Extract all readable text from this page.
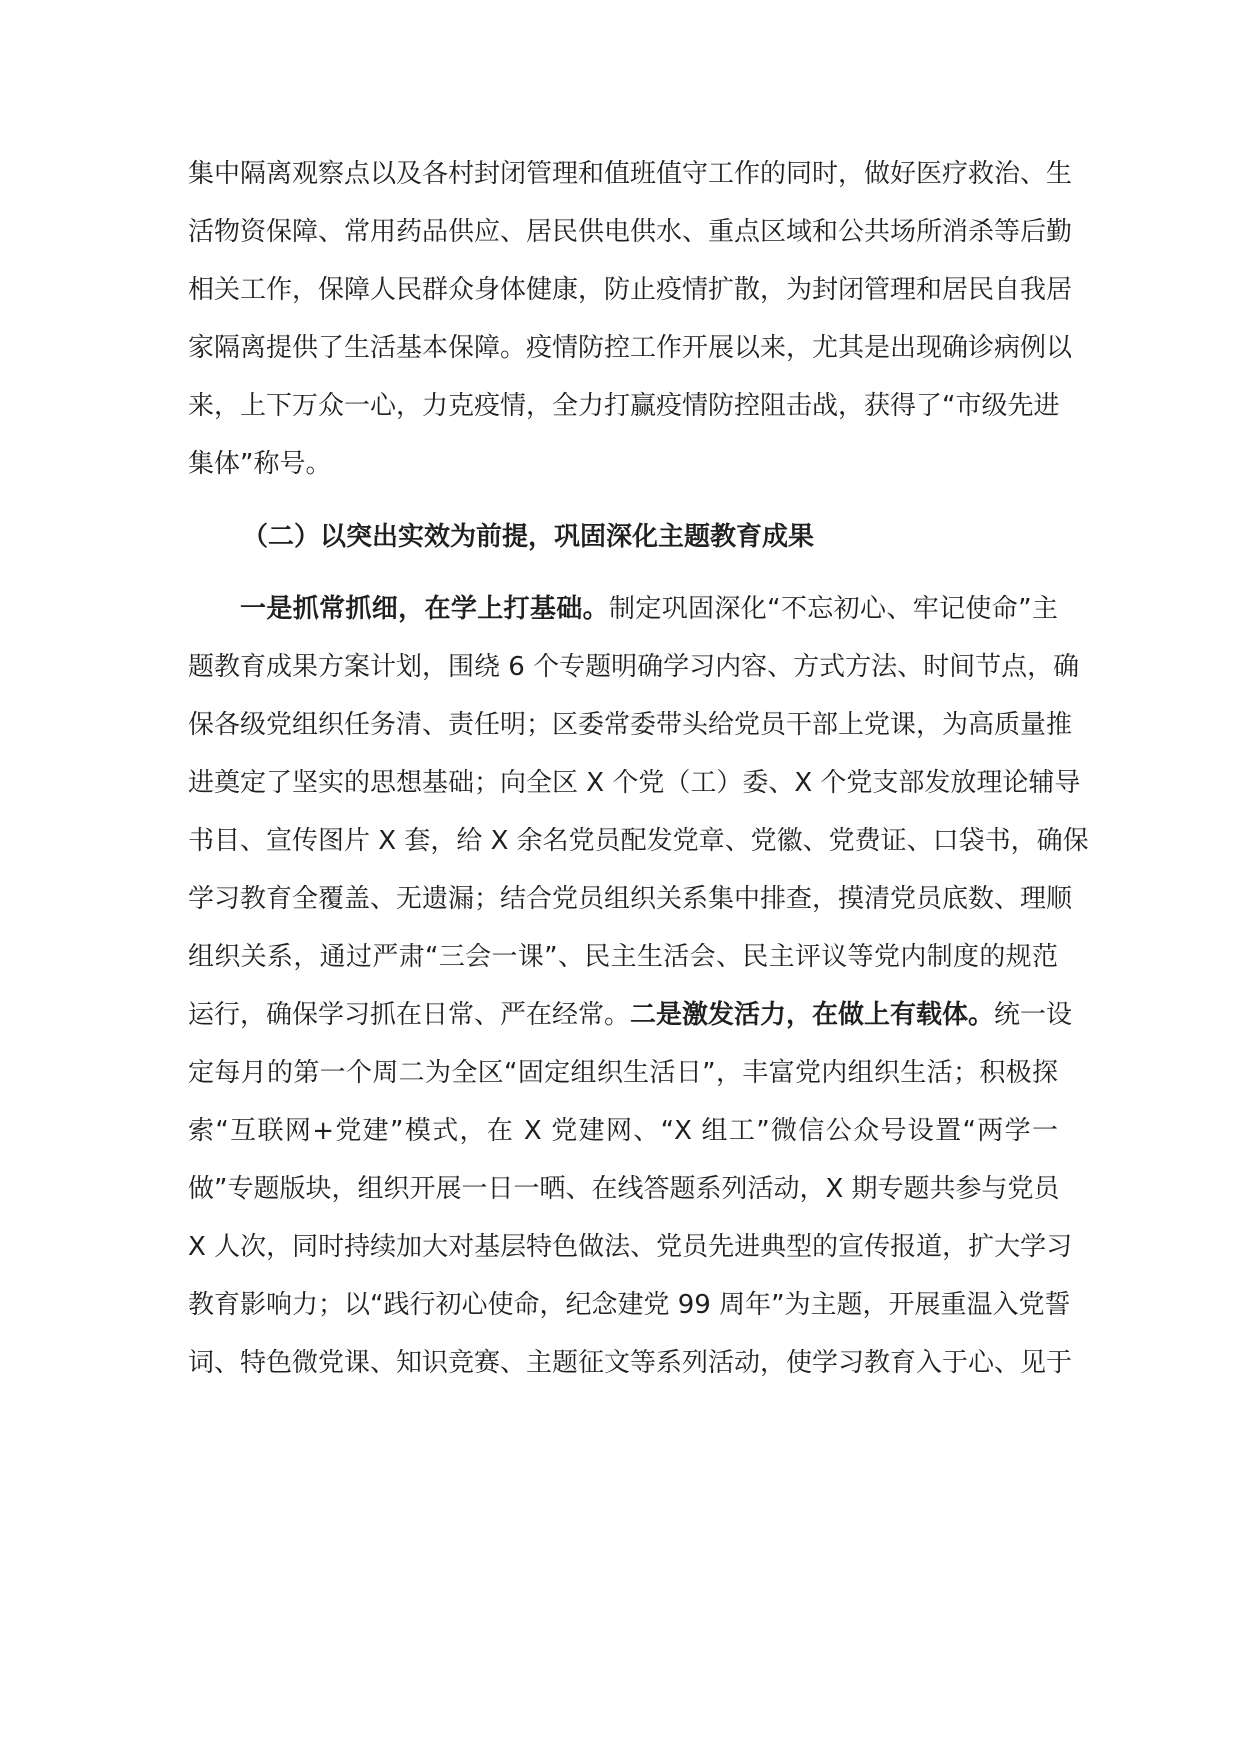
集中隔离观察点以及各村封闭管理和值班值守工作的同时，做好医疗救治、生
活物资保障、常用药品供应、居民供电供水、重点区域和公共场所消杀等后勤
相关工作，保障人民群众身体健康，防止疫情扩散，为封闭管理和居民自我居
家隔离提供了生活基本保障。疫情防控工作开展以来，尤其是出现确诊病例以
来，上下万众一心，力克疫情，全力打赢疫情防控阻击战，获得了“市级先进
集体”称号。
（二）以突出实效为前提，巩固深化主题教育成果
一是抓常抓细，在学上打基础。制定巩固深化“不忘初心、牢记使命”主
题教育成果方案计划，围绕 6 个专题明确学习内容、方式方法、时间节点，确
保各级党组织任务清、责任明；区委常委带头给党员干部上党课，为高质量推
进奠定了坚实的思想基础；向全区 X 个党（工）委、X 个党支部发放理论辅导
书目、宣传图片 X 套，给 X 余名党员配发党章、党徽、党费证、口袋书，确保
学习教育全覆盖、无遗漏；结合党员组织关系集中排查，摸清党员底数、理顺
组织关系，通过严肃“三会一课”、民主生活会、民主评议等党内制度的规范
运行，确保学习抓在日常、严在经常。二是激发活力，在做上有载体。统一设
定每月的第一个周二为全区“固定组织生活日”，丰富党内组织生活；积极探
索“互联网+党建”模式，在 X 党建网、“X 组工”微信公众号设置“两学一
做”专题版块，组织开展一日一晒、在线答题系列活动，X 期专题共参与党员
X 人次，同时持续加大对基层特色做法、党员先进典型的宣传报道，扩大学习
教育影响力；以“践行初心使命，纪念建党 99 周年”为主题，开展重温入党誓
词、特色微党课、知识竞赛、主题征文等系列活动，使学习教育入于心、见于
